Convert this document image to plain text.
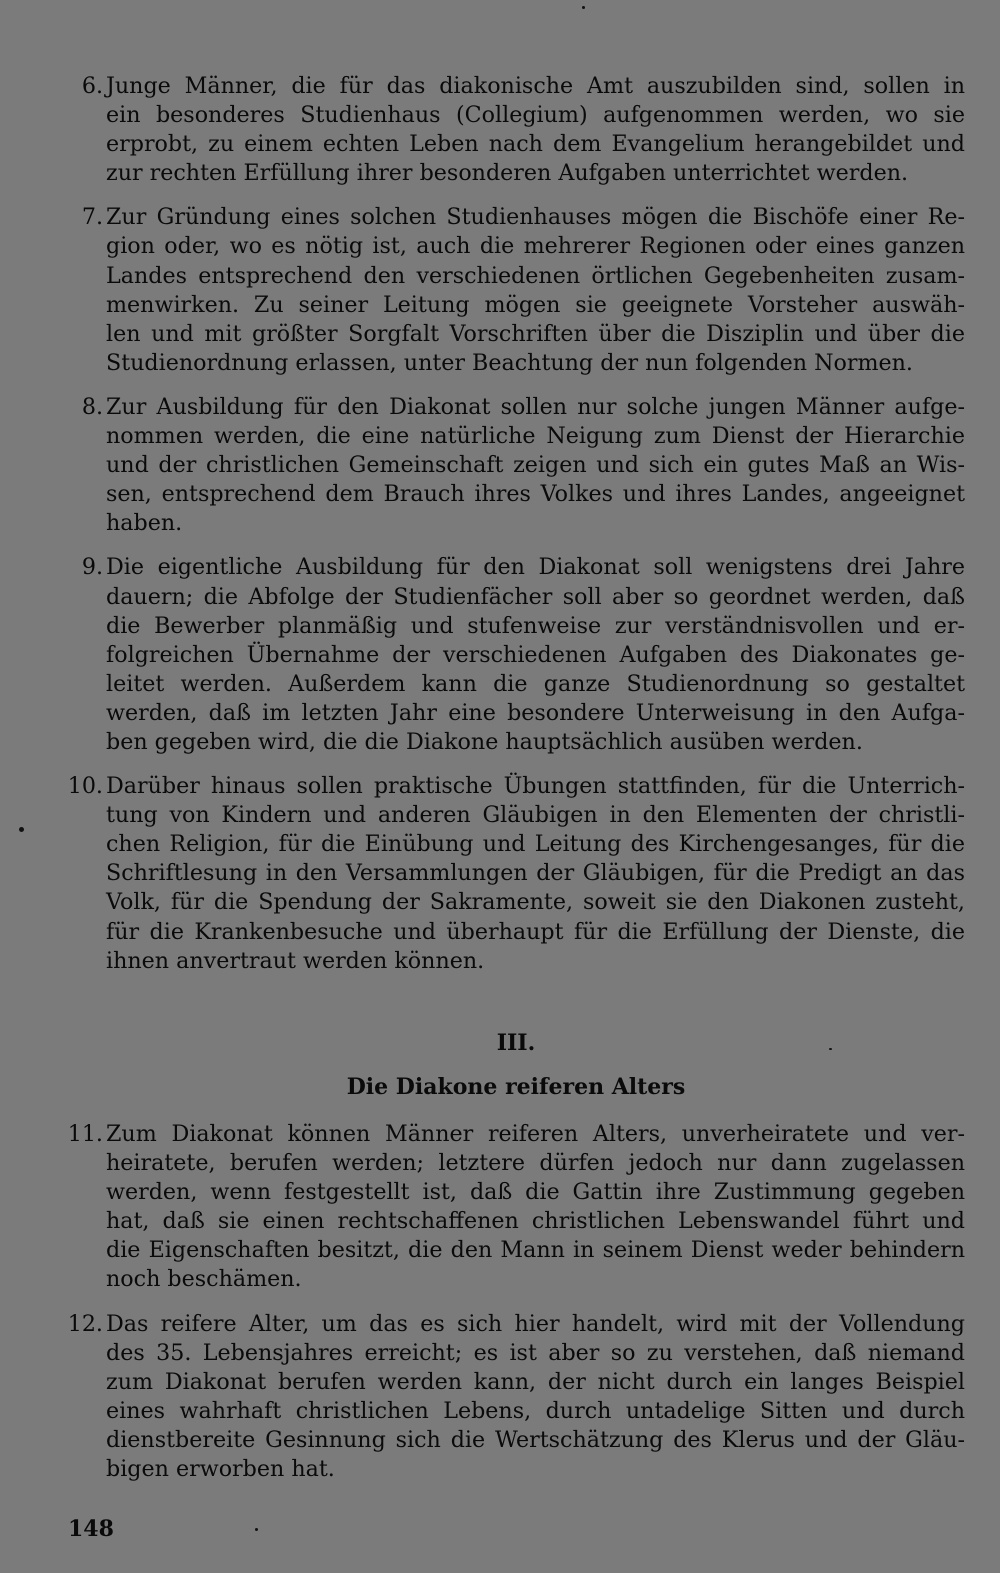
6. Junge Männer, die für das diakonische Amt auszubilden sind, sollen in
ein besonderes Studienhaus (Collegium) aufgenommen werden, wo sie
erprobt, zu einem echten Leben nach dem Evangelium herangebildet und
zur rechten Erfüllung ihrer besonderen Aufgaben unterrichtet werden.
7. Zur Gründung eines solchen Studienhauses mögen die Bischöfe einer Re-
gion oder, wo es nötig ist, auch die mehrerer Regionen oder eines ganzen
Landes entsprechend den verschiedenen örtlichen Gegebenheiten zusam-
menwirken. Zu seiner Leitung mögen sie geeignete Vorsteher auswäh-
len und mit größter Sorgfalt Vorschriften über die Disziplin und über die
Studienordnung erlassen, unter Beachtung der nun folgenden Normen.
8. Zur Ausbildung für den Diakonat sollen nur solche jungen Männer aufge-
nommen werden, die eine natürliche Neigung zum Dienst der Hierarchie
und der christlichen Gemeinschaft zeigen und sich ein gutes Maß an Wis-
sen, entsprechend dem Brauch ihres Volkes und ihres Landes, angeeignet
haben.
9. Die eigentliche Ausbildung für den Diakonat soll wenigstens drei Jahre
dauern; die Abfolge der Studienfächer soll aber so geordnet werden, daß
die Bewerber planmäßig und stufenweise zur verständnisvollen und er-
folgreichen Übernahme der verschiedenen Aufgaben des Diakonates ge-
leitet werden. Außerdem kann die ganze Studienordnung so gestaltet
werden, daß im letzten Jahr eine besondere Unterweisung in den Aufga-
ben gegeben wird, die die Diakone hauptsächlich ausüben werden.
10. Darüber hinaus sollen praktische Übungen stattfinden, für die Unterrich-
tung von Kindern und anderen Gläubigen in den Elementen der christli-
chen Religion, für die Einübung und Leitung des Kirchengesanges, für die
Schriftlesung in den Versammlungen der Gläubigen, für die Predigt an das
Volk, für die Spendung der Sakramente, soweit sie den Diakonen zusteht,
für die Krankenbesuche und überhaupt für die Erfüllung der Dienste, die
ihnen anvertraut werden können.
III.
Die Diakone reiferen Alters
11. Zum Diakonat können Männer reiferen Alters, unverheiratete und ver-
heiratete, berufen werden; letztere dürfen jedoch nur dann zugelassen
werden, wenn festgestellt ist, daß die Gattin ihre Zustimmung gegeben
hat, daß sie einen rechtschaffenen christlichen Lebenswandel führt und
die Eigenschaften besitzt, die den Mann in seinem Dienst weder behindern
noch beschämen.
12. Das reifere Alter, um das es sich hier handelt, wird mit der Vollendung
des 35. Lebensjahres erreicht; es ist aber so zu verstehen, daß niemand
zum Diakonat berufen werden kann, der nicht durch ein langes Beispiel
eines wahrhaft christlichen Lebens, durch untadelige Sitten und durch
dienstbereite Gesinnung sich die Wertschätzung des Klerus und der Gläu-
bigen erworben hat.
148
